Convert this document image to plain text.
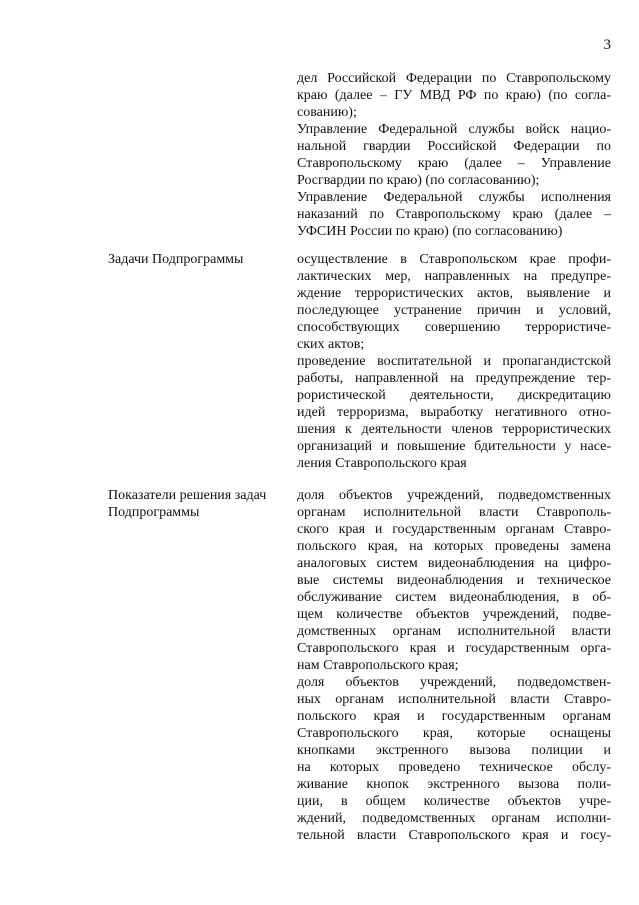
3
дел Российской Федерации по Ставропольскому
краю (далее – ГУ МВД РФ по краю) (по согла-
сованию);
Управление Федеральной службы войск нацио-
нальной гвардии Российской Федерации по
Ставропольскому краю (далее – Управление
Росгвардии по краю) (по согласованию);
Управление Федеральной службы исполнения
наказаний по Ставропольскому краю (далее –
УФСИН России по краю) (по согласованию)
Задачи Подпрограммы	осуществление в Ставропольском крае профи-
лактических мер, направленных на предупре-
ждение террористических актов, выявление и
последующее устранение причин и условий,
способствующих совершению террористиче-
ских актов;
проведение воспитательной и пропагандистской
работы, направленной на предупреждение тер-
рористической деятельности, дискредитацию
идей терроризма, выработку негативного отно-
шения к деятельности членов террористических
организаций и повышение бдительности у насе-
ления Ставропольского края
Показатели решения задач
Подпрограммы
доля объектов учреждений, подведомственных
органам исполнительной власти Ставрополь-
ского края и государственным органам Ставро-
польского края, на которых проведены замена
аналоговых систем видеонаблюдения на цифро-
вые системы видеонаблюдения и техническое
обслуживание систем видеонаблюдения, в об-
щем количестве объектов учреждений, подве-
домственных органам исполнительной власти
Ставропольского края и государственным орга-
нам Ставропольского края;
доля объектов учреждений, подведомствен-
ных органам исполнительной власти Ставро-
польского края и государственным органам
Ставропольского края, которые оснащены
кнопками экстренного вызова полиции и
на которых проведено техническое обслу-
живание кнопок экстренного вызова поли-
ции, в общем количестве объектов учре-
ждений, подведомственных органам исполни-
тельной власти Ставропольского края и госу-
